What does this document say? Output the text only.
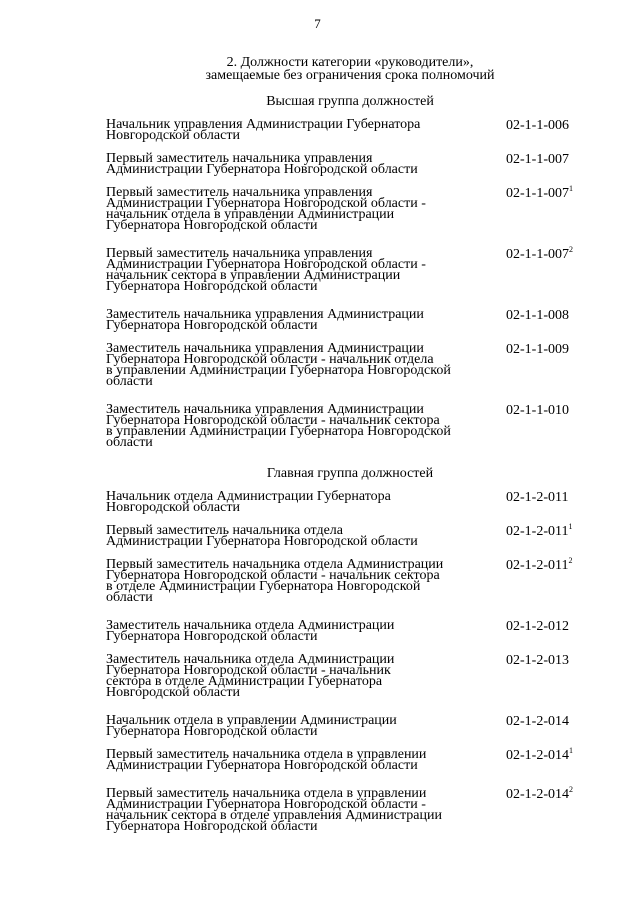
7
2. Должности категории «руководители»,
замещаемые без ограничения срока полномочий
Высшая группа должностей
Начальник управления Администрации Губернатора
Новгородской области
02-1-1-006
Первый заместитель начальника управления
Администрации Губернатора Новгородской области
02-1-1-007
Первый заместитель начальника управления
Администрации Губернатора Новгородской области -
начальник отдела в управлении Администрации
Губернатора Новгородской области
$02-1-1-007^1$
Первый заместитель начальника управления
Администрации Губернатора Новгородской области -
начальник сектора в управлении Администрации
Губернатора Новгородской области
$02-1-1-007^2$
Заместитель начальника управления Администрации
Губернатора Новгородской области
02-1-1-008
Заместитель начальника управления Администрации
Губернатора Новгородской области - начальник отдела
в управлении Администрации Губернатора Новгородской
области
02-1-1-009
Заместитель начальника управления Администрации
Губернатора Новгородской области - начальник сектора
в управлении Администрации Губернатора Новгородской
области
02-1-1-010
Главная группа должностей
Начальник отдела Администрации Губернатора
Новгородской области
02-1-2-011
Первый заместитель начальника отдела
Администрации Губернатора Новгородской области
$02-1-2-011^1$
Первый заместитель начальника отдела Администрации
Губернатора Новгородской области - начальник сектора
в отделе Администрации Губернатора Новгородской
области
$02-1-2-011^2$
Заместитель начальника отдела Администрации
Губернатора Новгородской области
02-1-2-012
Заместитель начальника отдела Администрации
Губернатора Новгородской области - начальник
сектора в отделе Администрации Губернатора
Новгородской области
02-1-2-013
Начальник отдела в управлении Администрации
Губернатора Новгородской области
02-1-2-014
Первый заместитель начальника отдела в управлении
Администрации Губернатора Новгородской области
$02-1-2-014^1$
Первый заместитель начальника отдела в управлении
Администрации Губернатора Новгородской области -
начальник сектора в отделе управления Администрации
Губернатора Новгородской области
$02-1-2-014^2$
